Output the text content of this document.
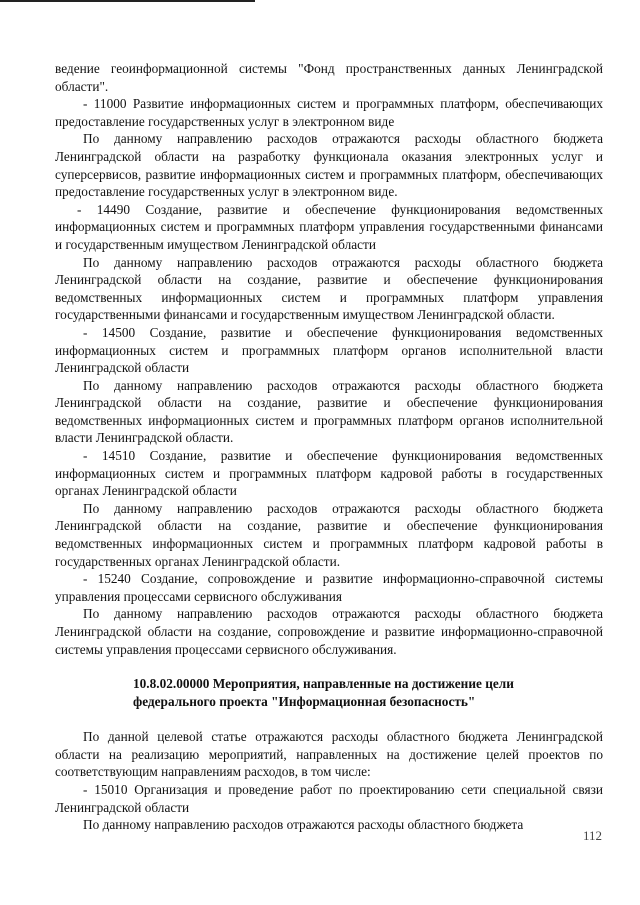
ведение геоинформационной системы "Фонд пространственных данных Ленинградской области".

- 11000 Развитие информационных систем и программных платформ, обеспечивающих предоставление государственных услуг в электронном виде

По данному направлению расходов отражаются расходы областного бюджета Ленинградской области на разработку функционала оказания электронных услуг и суперсервисов, развитие информационных систем и программных платформ, обеспечивающих предоставление государственных услуг в электронном виде.

- 14490 Создание, развитие и обеспечение функционирования ведомственных информационных систем и программных платформ управления государственными финансами и государственным имуществом Ленинградской области

По данному направлению расходов отражаются расходы областного бюджета Ленинградской области на создание, развитие и обеспечение функционирования ведомственных информационных систем и программных платформ управления государственными финансами и государственным имуществом Ленинградской области.

- 14500 Создание, развитие и обеспечение функционирования ведомственных информационных систем и программных платформ органов исполнительной власти Ленинградской области

По данному направлению расходов отражаются расходы областного бюджета Ленинградской области на создание, развитие и обеспечение функционирования ведомственных информационных систем и программных платформ органов исполнительной власти Ленинградской области.

- 14510 Создание, развитие и обеспечение функционирования ведомственных информационных систем и программных платформ кадровой работы в государственных органах Ленинградской области

По данному направлению расходов отражаются расходы областного бюджета Ленинградской области на создание, развитие и обеспечение функционирования ведомственных информационных систем и программных платформ кадровой работы в государственных органах Ленинградской области.

- 15240 Создание, сопровождение и развитие информационно-справочной системы управления процессами сервисного обслуживания

По данному направлению расходов отражаются расходы областного бюджета Ленинградской области на создание, сопровождение и развитие информационно-справочной системы управления процессами сервисного обслуживания.

10.8.02.00000 Мероприятия, направленные на достижение цели федерального проекта "Информационная безопасность"

По данной целевой статье отражаются расходы областного бюджета Ленинградской области на реализацию мероприятий, направленных на достижение целей проектов по соответствующим направлениям расходов, в том числе:

- 15010 Организация и проведение работ по проектированию сети специальной связи Ленинградской области

По данному направлению расходов отражаются расходы областного бюджета

112
